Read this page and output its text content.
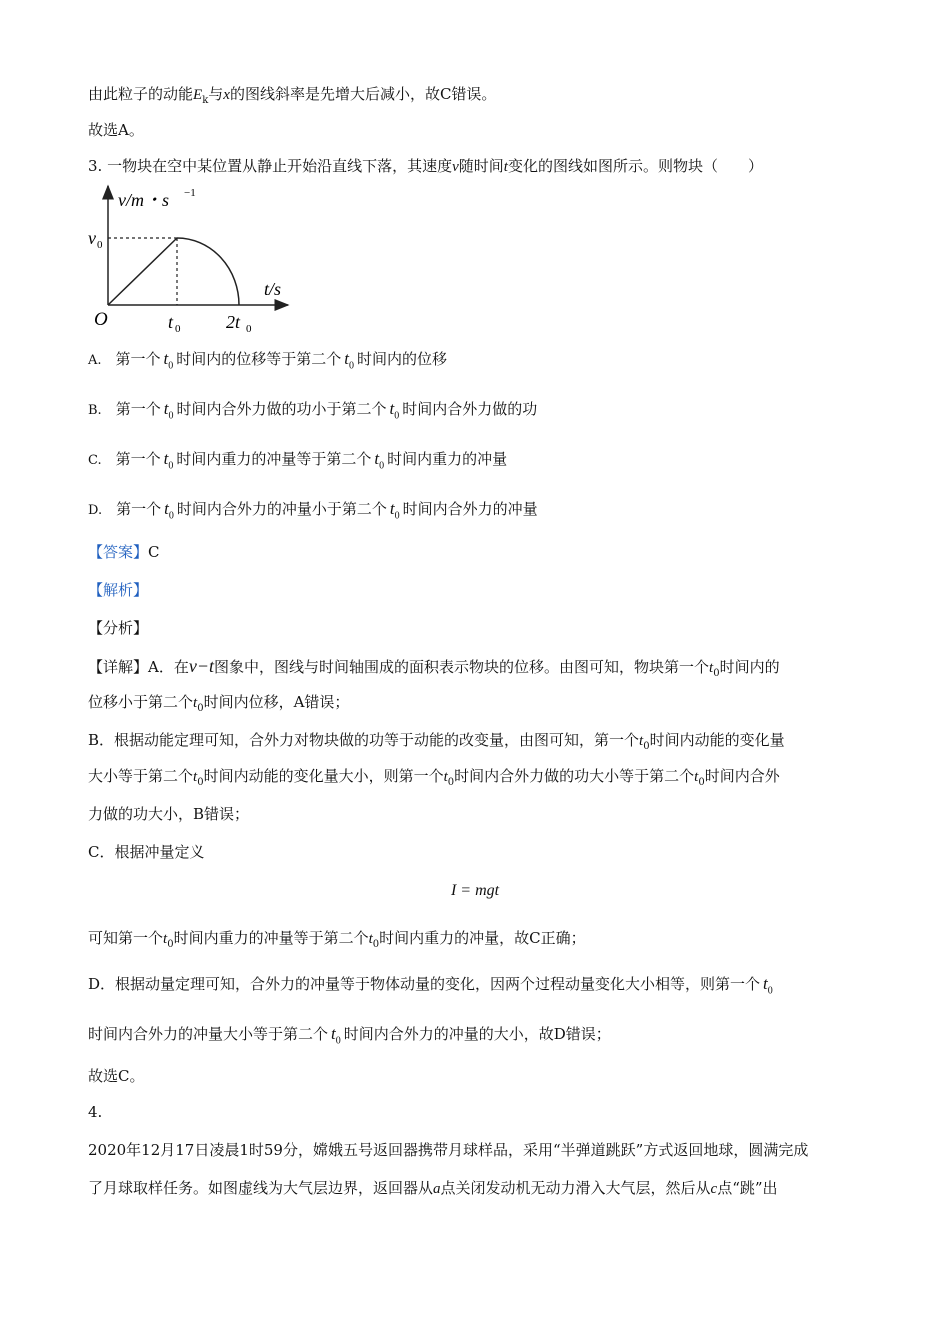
由此粒子的动能$E_k$与x的图线斜率是先增大后减小，故C错误。
故选A。
3. 一物块在空中某位置从静止开始沿直线下落，其速度v随时间t变化的图线如图所示。则物块（　　）
v/m・s −1
v 0
O	t 0	2t 0
t/s
A. 第一个 $t_0$ 时间内的位移等于第二个 $t_0$ 时间内的位移
B. 第一个 $t_0$ 时间内合外力做的功小于第二个 $t_0$ 时间内合外力做的功
C. 第一个 $t_0$ 时间内重力的冲量等于第二个 $t_0$ 时间内重力的冲量
D. 第一个 $t_0$ 时间内合外力的冲量小于第二个 $t_0$ 时间内合外力的冲量
【答案】C
【解析】
【分析】
【详解】A．在v−t图象中，图线与时间轴围成的面积表示物块的位移。由图可知，物块第一个$t_0$时间内的
位移小于第二个$t_0$时间内位移，A错误；
B．根据动能定理可知，合外力对物块做的功等于动能的改变量，由图可知，第一个$t_0$时间内动能的变化量
大小等于第二个$t_0$时间内动能的变化量大小，则第一个$t_0$时间内合外力做的功大小等于第二个$t_0$时间内合外
力做的功大小，B错误；
C．根据冲量定义
I = mgt
可知第一个$t_0$时间内重力的冲量等于第二个$t_0$时间内重力的冲量，故C正确；
D．根据动量定理可知，合外力的冲量等于物体动量的变化，因两个过程动量变化大小相等，则第一个 $t_0$
时间内合外力的冲量大小等于第二个 $t_0$ 时间内合外力的冲量的大小，故D错误；
故选C。
4.
2020年12月17日凌晨1时59分，嫦娥五号返回器携带月球样品，采用“半弹道跳跃”方式返回地球，圆满完成
了月球取样任务。如图虚线为大气层边界，返回器从a点关闭发动机无动力滑入大气层，然后从c点“跳”出
